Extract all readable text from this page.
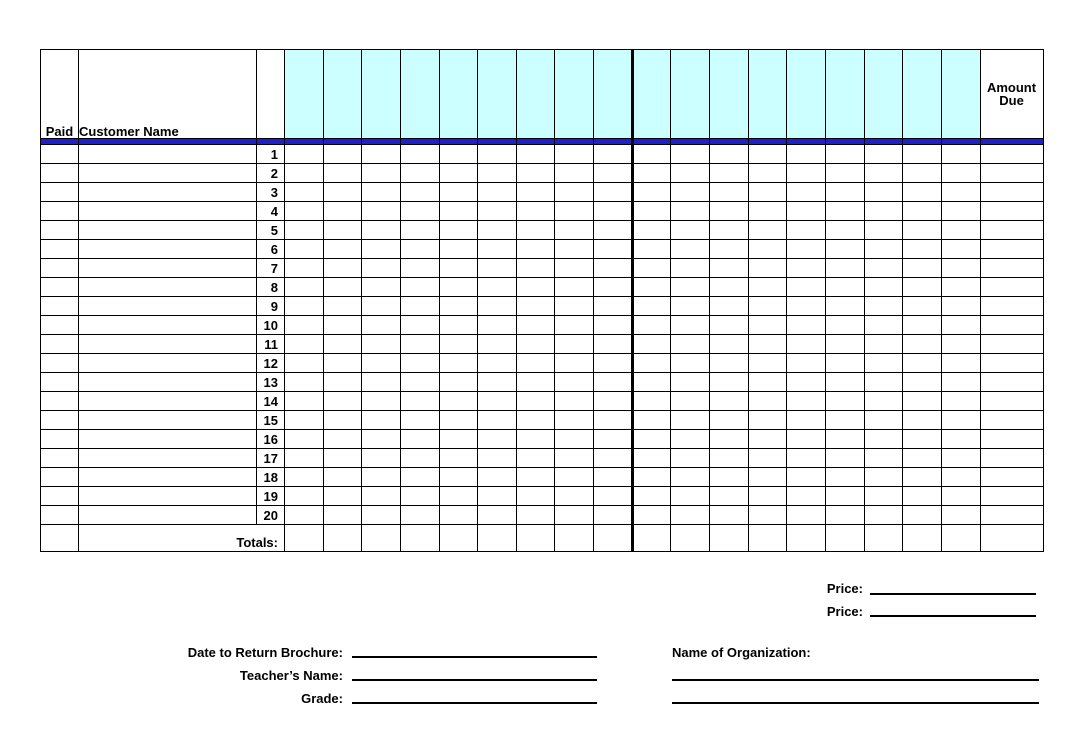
Paid	Customer Name																				Amount
Due

		1																			
		2																			
		3																			
		4																			
		5																			
		6																			
		7																			
		8																			
		9																			
		10																			
		11																			
		12																			
		13																			
		14																			
		15																			
		16																			
		17																			
		18																			
		19																			
		20																			
	Totals:																				
Price:
Price:
Date to Return Brochure:
Teacher’s Name:
Grade:
Name of Organization:
